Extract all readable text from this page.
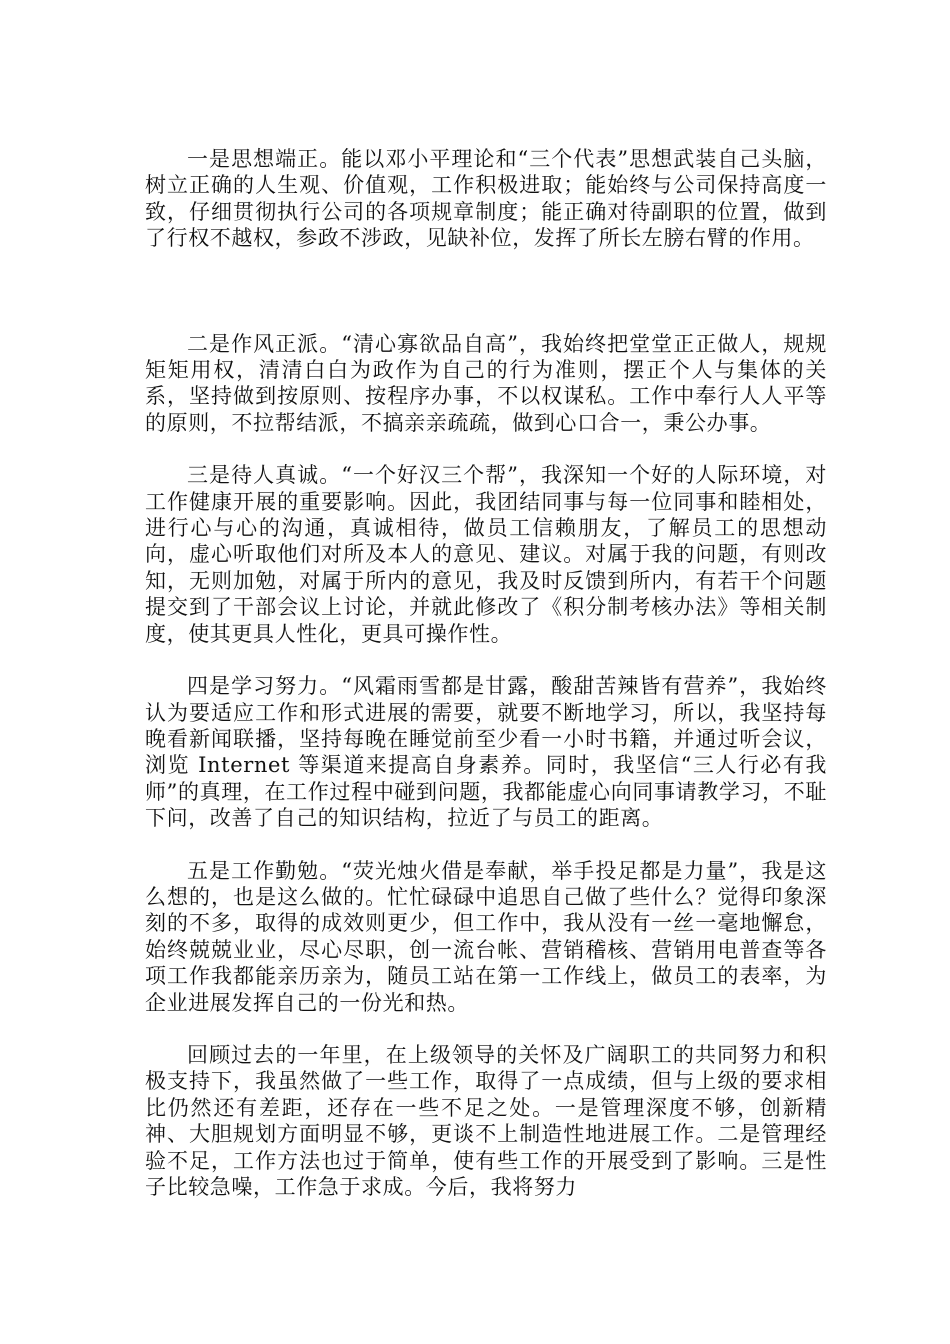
一是思想端正。能以邓小平理论和“三个代表”思想武装自己头脑，树立正确的人生观、价值观，工作积极进取；能始终与公司保持高度一致，仔细贯彻执行公司的各项规章制度；能正确对待副职的位置，做到了行权不越权，参政不涉政，见缺补位，发挥了所长左膀右臂的作用。

二是作风正派。“清心寡欲品自高”，我始终把堂堂正正做人，规规矩矩用权，清清白白为政作为自己的行为准则，摆正个人与集体的关系，坚持做到按原则、按程序办事，不以权谋私。工作中奉行人人平等的原则，不拉帮结派，不搞亲亲疏疏，做到心口合一，秉公办事。

三是待人真诚。“一个好汉三个帮”，我深知一个好的人际环境，对工作健康开展的重要影响。因此，我团结同事与每一位同事和睦相处，进行心与心的沟通，真诚相待，做员工信赖朋友，了解员工的思想动向，虚心听取他们对所及本人的意见、建议。对属于我的问题，有则改知，无则加勉，对属于所内的意见，我及时反馈到所内，有若干个问题提交到了干部会议上讨论，并就此修改了《积分制考核办法》等相关制度，使其更具人性化，更具可操作性。

四是学习努力。“风霜雨雪都是甘露，酸甜苦辣皆有营养”，我始终认为要适应工作和形式进展的需要，就要不断地学习，所以，我坚持每晚看新闻联播，坚持每晚在睡觉前至少看一小时书籍，并通过听会议，浏览 Internet 等渠道来提高自身素养。同时，我坚信“三人行必有我师”的真理，在工作过程中碰到问题，我都能虚心向同事请教学习，不耻下问，改善了自己的知识结构，拉近了与员工的距离。

五是工作勤勉。“荧光烛火借是奉献，举手投足都是力量”，我是这么想的，也是这么做的。忙忙碌碌中追思自己做了些什么？觉得印象深刻的不多，取得的成效则更少，但工作中，我从没有一丝一毫地懈怠，始终兢兢业业，尽心尽职，创一流台帐、营销稽核、营销用电普查等各项工作我都能亲历亲为，随员工站在第一工作线上，做员工的表率，为企业进展发挥自己的一份光和热。

回顾过去的一年里，在上级领导的关怀及广阔职工的共同努力和积极支持下，我虽然做了一些工作，取得了一点成绩，但与上级的要求相比仍然还有差距，还存在一些不足之处。一是管理深度不够，创新精神、大胆规划方面明显不够，更谈不上制造性地进展工作。二是管理经验不足，工作方法也过于简单，使有些工作的开展受到了影响。三是性子比较急噪，工作急于求成。今后，我将努力
